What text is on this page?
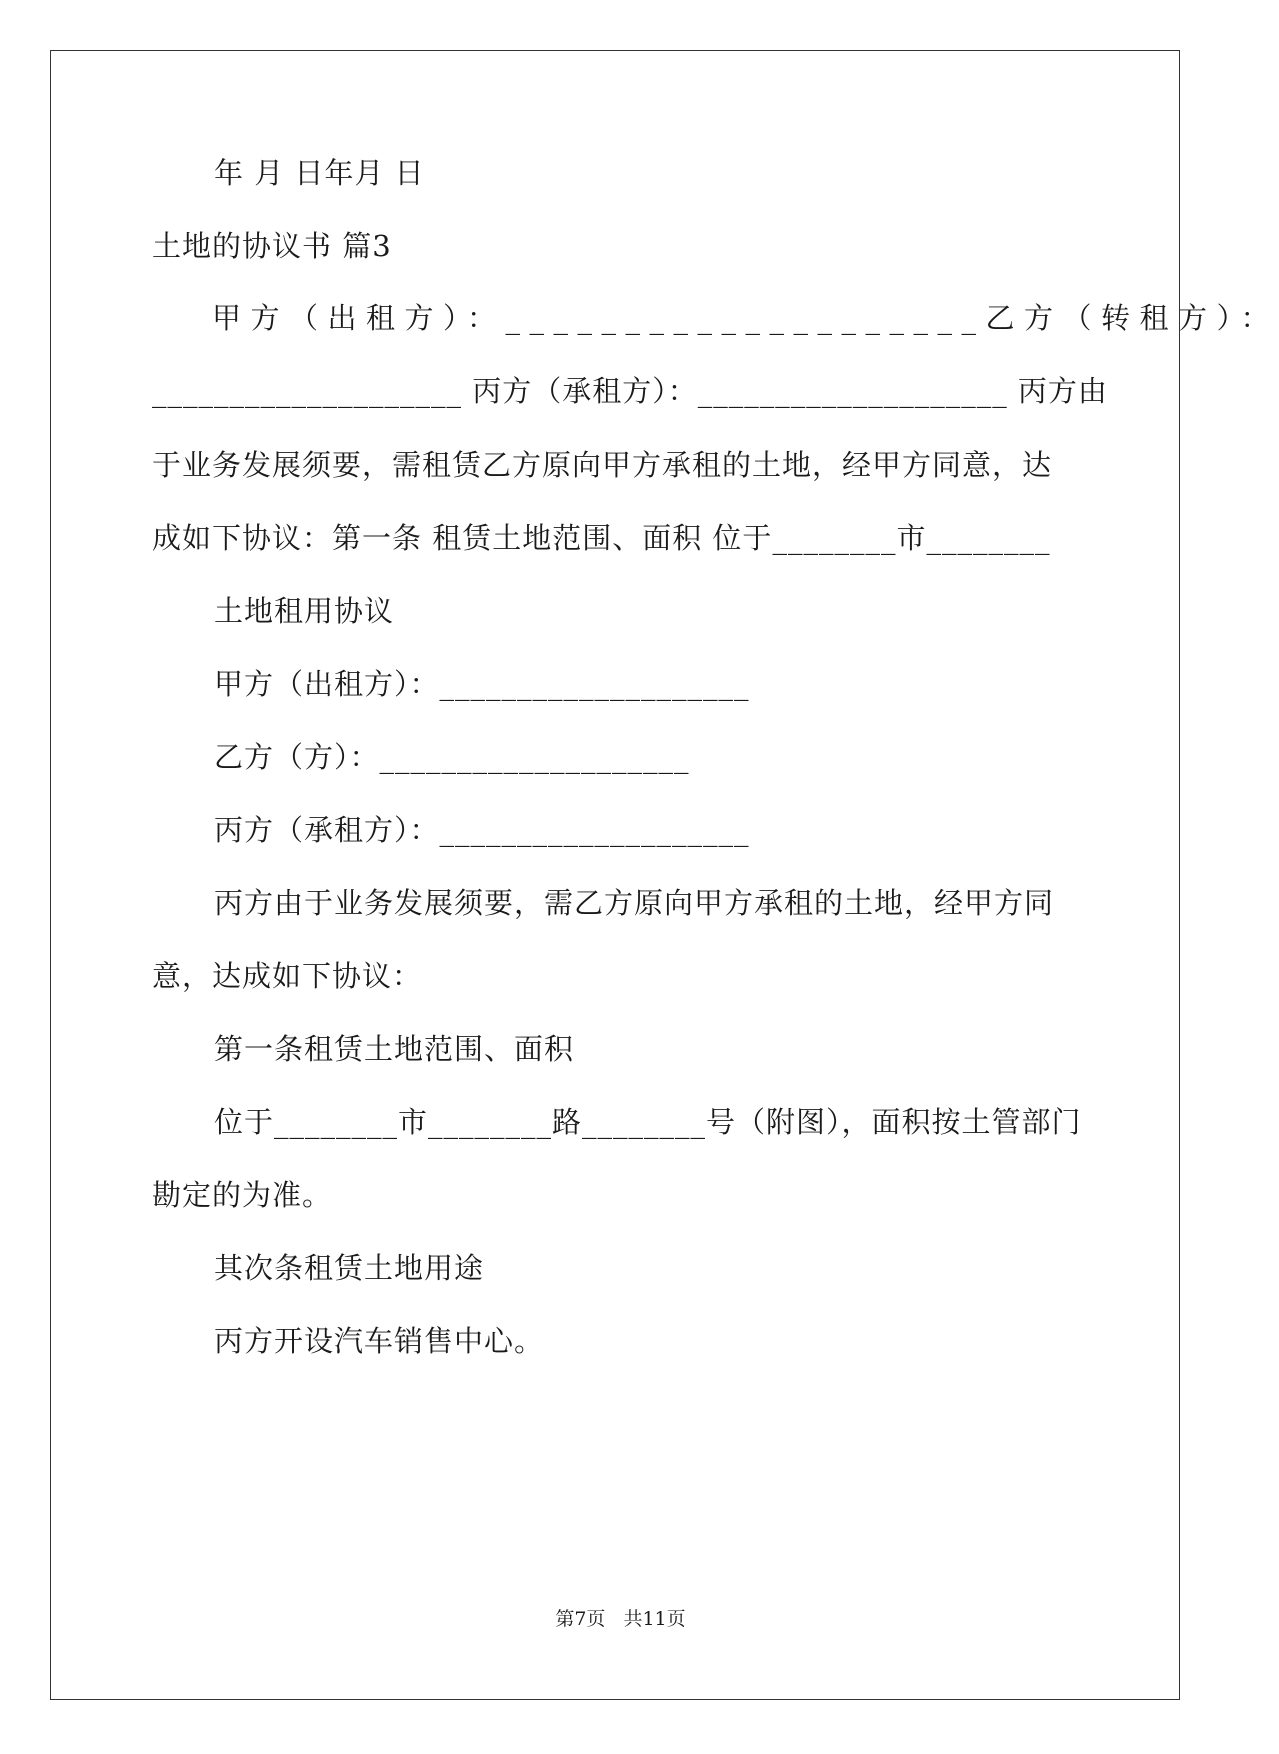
年 月 日年月 日
土地的协议书 篇3
甲方（出租方）：____________________ 乙方（转租方）：
____________________ 丙方（承租方）：____________________ 丙方由
于业务发展须要，需租赁乙方原向甲方承租的土地，经甲方同意，达
成如下协议：第一条 租赁土地范围、面积 位于________市________
土地租用协议
甲方（出租方）：____________________
乙方（方）：____________________
丙方（承租方）：____________________
丙方由于业务发展须要，需乙方原向甲方承租的土地，经甲方同
意，达成如下协议：
第一条租赁土地范围、面积
位于________市________路________号（附图），面积按土管部门
勘定的为准。
其次条租赁土地用途
丙方开设汽车销售中心。
第7页 共11页
